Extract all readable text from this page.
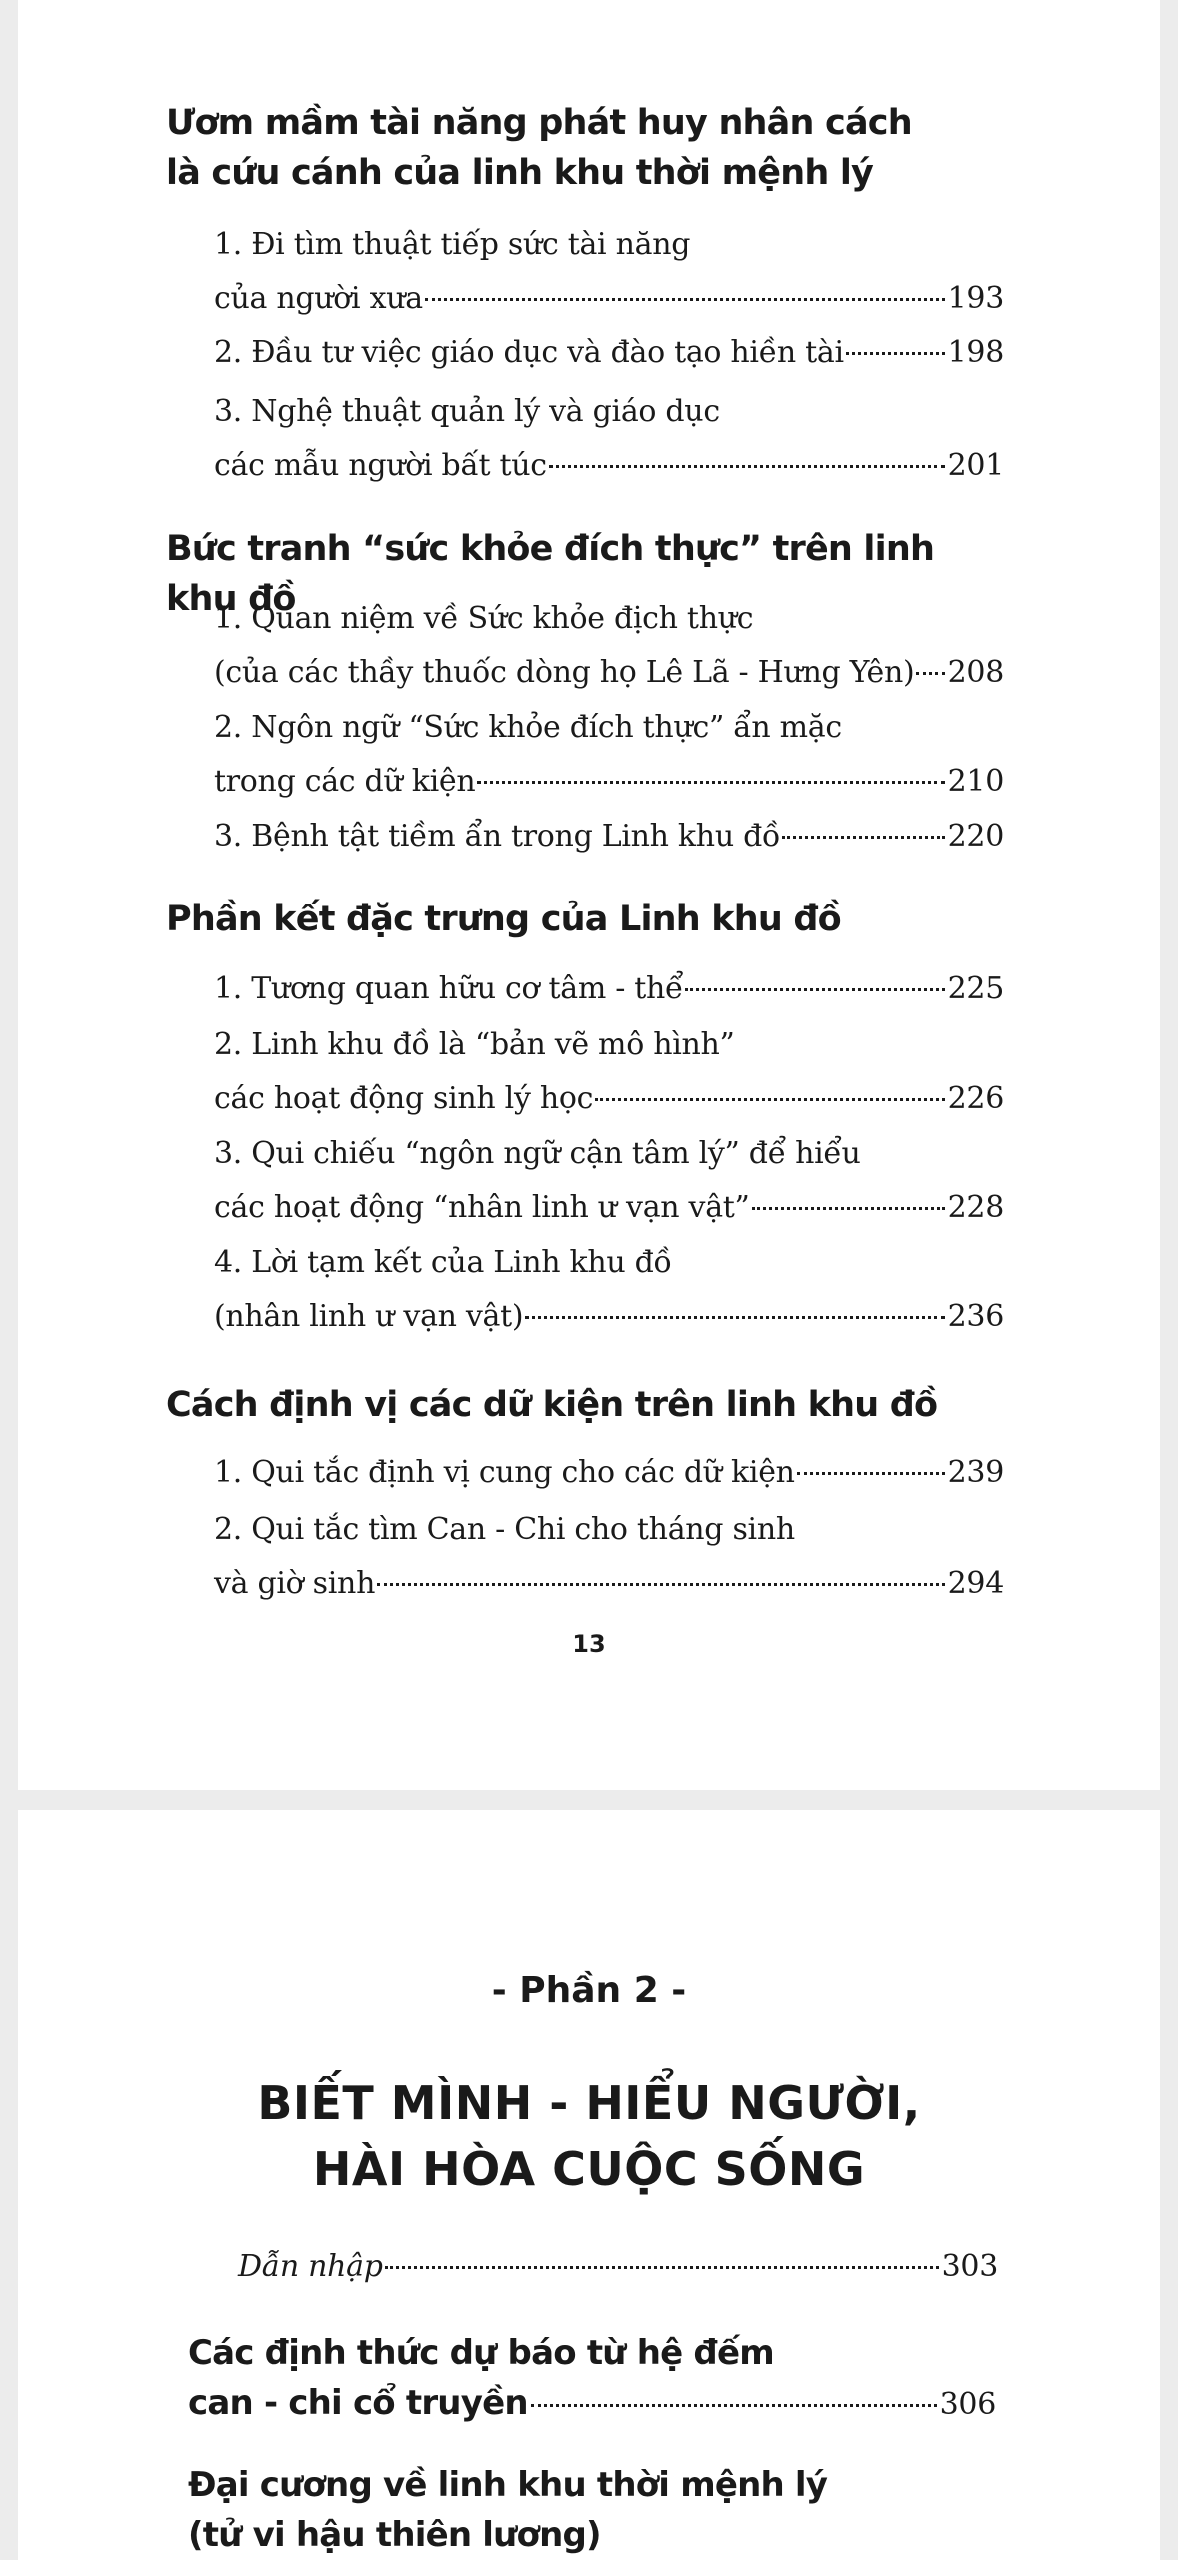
Ươm mầm tài năng phát huy nhân cách
là cứu cánh của linh khu thời mệnh lý
1. Đi tìm thuật tiếp sức tài năng
của người xưa	193
2. Đầu tư việc giáo dục và đào tạo hiền tài	198
3. Nghệ thuật quản lý và giáo dục
các mẫu người bất túc	201
Bức tranh “sức khỏe đích thực” trên linh khu đồ
1. Quan niệm về Sức khỏe địch thực
(của các thầy thuốc dòng họ Lê Lã - Hưng Yên) 208
2. Ngôn ngữ “Sức khỏe đích thực” ẩn mặc
trong các dữ kiện	210
3. Bệnh tật tiềm ẩn trong Linh khu đồ	220
Phần kết đặc trưng của Linh khu đồ
1. Tương quan hữu cơ tâm - thể	225
2. Linh khu đồ là “bản vẽ mô hình”
các hoạt động sinh lý học	226
3. Qui chiếu “ngôn ngữ cận tâm lý” để hiểu
các hoạt động “nhân linh ư vạn vật”	228
4. Lời tạm kết của Linh khu đồ
(nhân linh ư vạn vật)	236
Cách định vị các dữ kiện trên linh khu đồ
1. Qui tắc định vị cung cho các dữ kiện	239
2. Qui tắc tìm Can - Chi cho tháng sinh
và giờ sinh	294
13
- Phần 2 -
BIẾT MÌNH - HIỂU NGƯỜI,
HÀI HÒA CUỘC SỐNG
Dẫn nhập	303
Các định thức dự báo từ hệ đếm
can - chi cổ truyền	306
Đại cương về linh khu thời mệnh lý
(tử vi hậu thiên lương)
